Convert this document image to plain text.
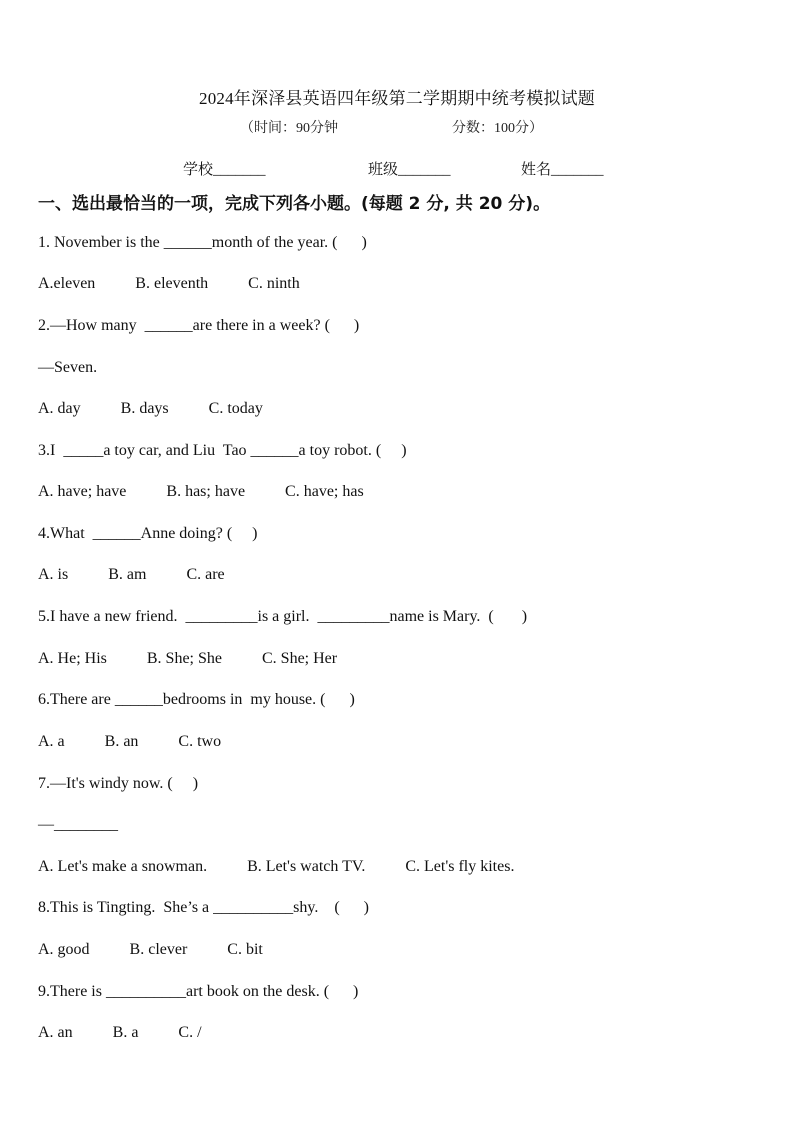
2024年深泽县英语四年级第二学期期中统考模拟试题
（时间：90分钟	分数：100分）
学校_______	班级_______	姓名_______
一、选出最恰当的一项，完成下列各小题。(每题 2 分, 共 20 分)。
1. November is the ______month of the year. (      )
A.eleven          B. eleventh          C. ninth
2.—How many  ______are there in a week? (      )
—Seven.
A. day          B. days          C. today
3.I  _____a toy car, and Liu  Tao ______a toy robot. (     )
A. have; have          B. has; have          C. have; has
4.What  ______Anne doing? (     )
A. is          B. am          C. are
5.I have a new friend.  _________is a girl.  _________name is Mary.  (       )
A. He; His          B. She; She          C. She; Her
6.There are ______bedrooms in  my house. (      )
A. a          B. an          C. two
7.—It's windy now. (     )
—________
A. Let's make a snowman.          B. Let's watch TV.          C. Let's fly kites.
8.This is Tingting.  She’s a __________shy.    (      )
A. good          B. clever          C. bit
9.There is __________art book on the desk. (      )
A. an          B. a          C. /
